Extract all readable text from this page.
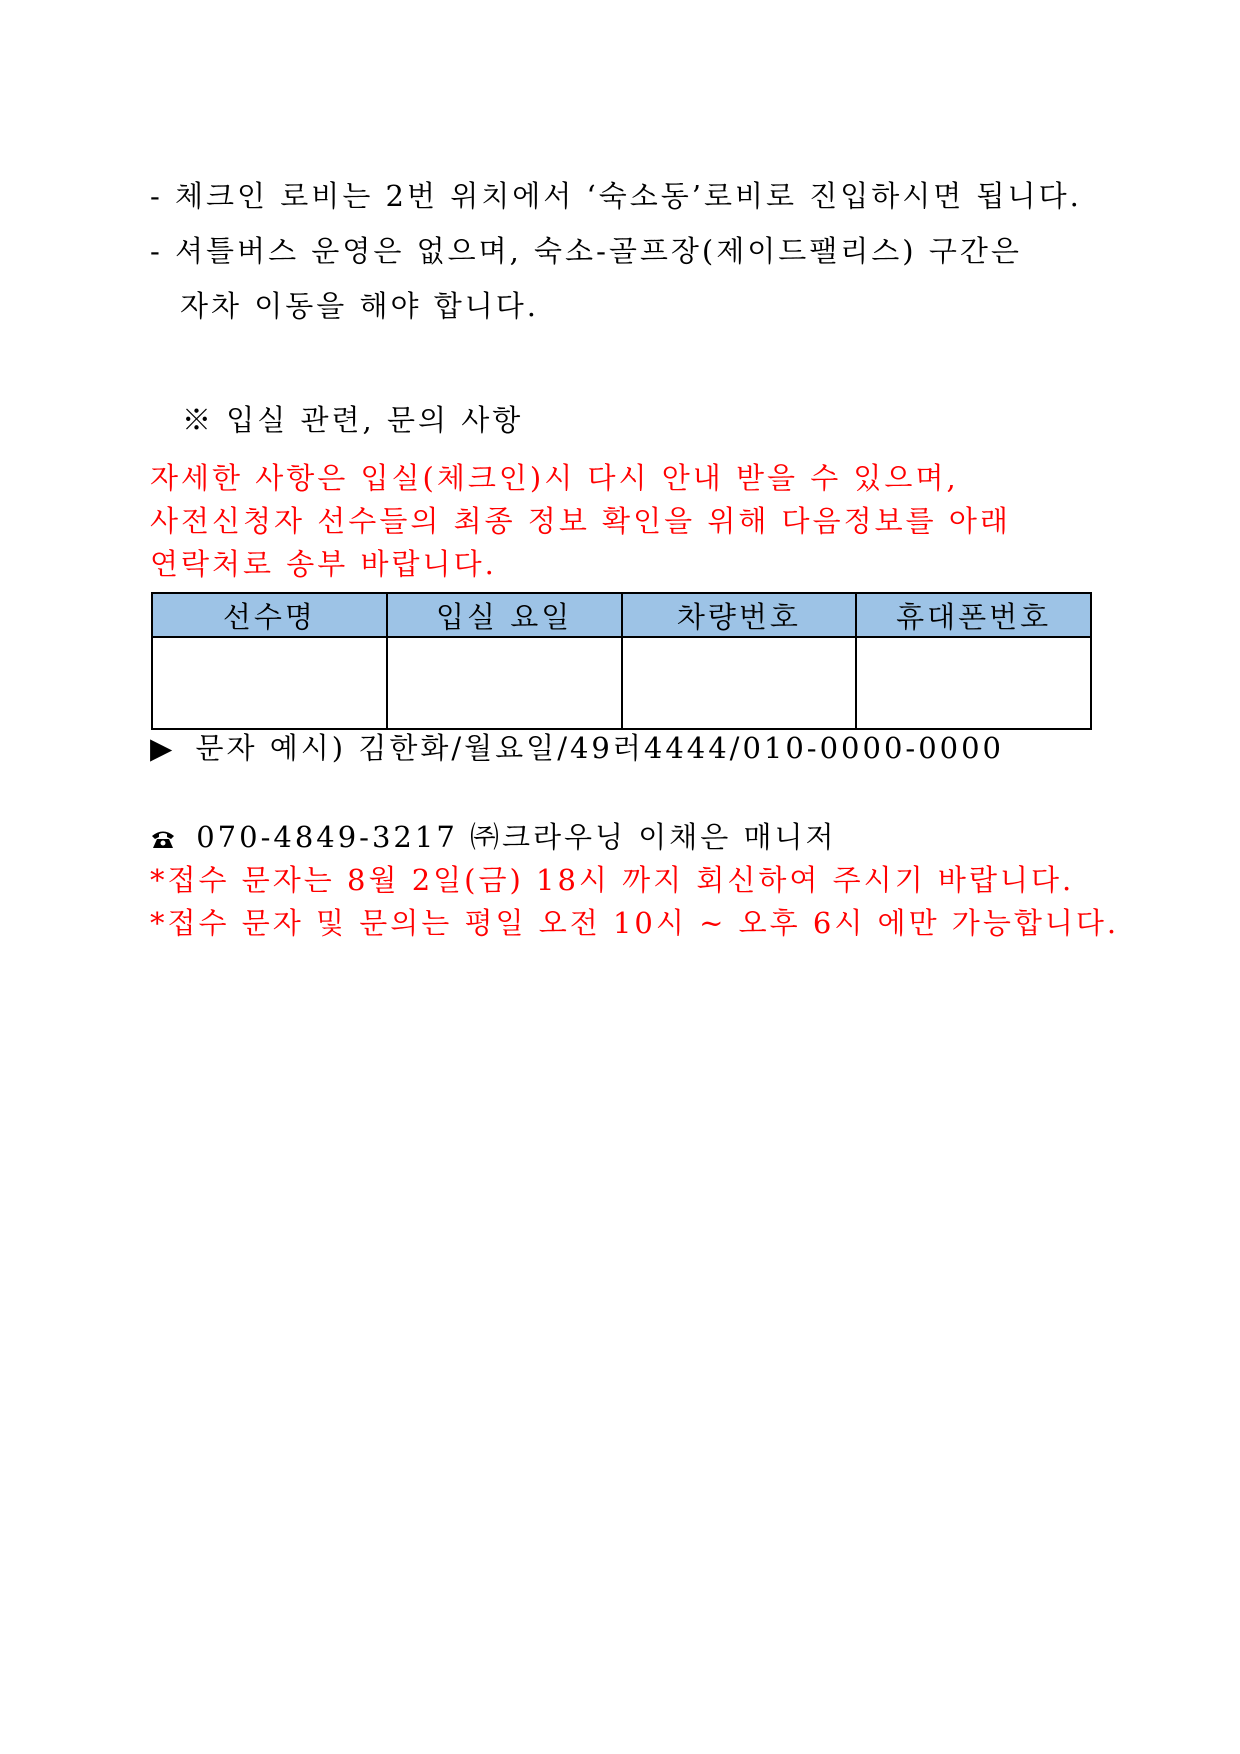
- 체크인 로비는 2번 위치에서 ‘숙소동’로비로 진입하시면 됩니다.
- 셔틀버스 운영은 없으며, 숙소-골프장(제이드팰리스) 구간은
자차 이동을 해야 합니다.
※ 입실 관련, 문의 사항
자세한 사항은 입실(체크인)시 다시 안내 받을 수 있으며,
사전신청자 선수들의 최종 정보 확인을 위해 다음정보를 아래
연락처로 송부 바랍니다.
선수명	입실 요일	차량번호	휴대폰번호

▶ 문자 예시) 김한화/월요일/49러4444/010-0000-0000
070-4849-3217 ㈜크라우닝 이채은 매니저
*접수 문자는 8월 2일(금) 18시 까지 회신하여 주시기 바랍니다.
*접수 문자 및 문의는 평일 오전 10시 ~ 오후 6시 에만 가능합니다.
